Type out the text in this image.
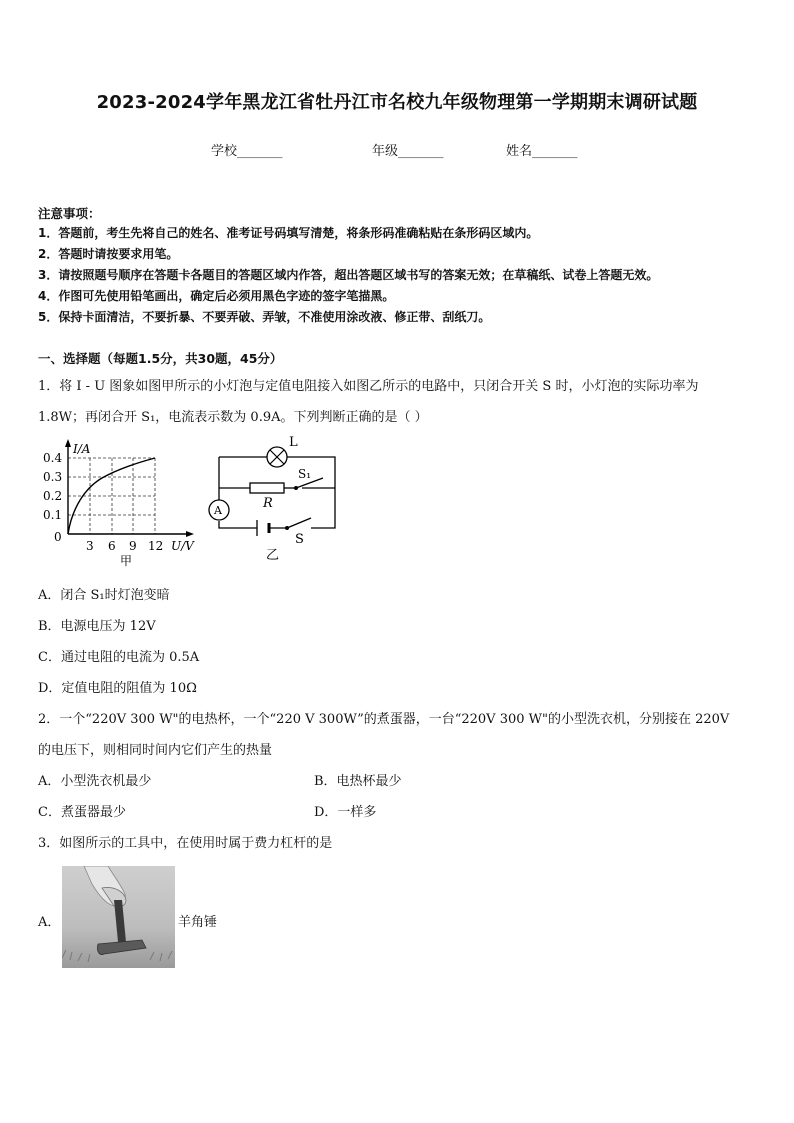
2023-2024学年黑龙江省牡丹江市名校九年级物理第一学期期末调研试题
学校_______	年级_______	姓名_______
注意事项：
1．答题前，考生先将自己的姓名、准考证号码填写清楚，将条形码准确粘贴在条形码区域内。
2．答题时请按要求用笔。
3．请按照题号顺序在答题卡各题目的答题区域内作答，超出答题区域书写的答案无效；在草稿纸、试卷上答题无效。
4．作图可先使用铅笔画出，确定后必须用黑色字迹的签字笔描黑。
5．保持卡面清洁，不要折暴、不要弄破、弄皱，不准使用涂改液、修正带、刮纸刀。
一、选择题（每题1.5分，共30题，45分）
1．将 I - U 图象如图甲所示的小灯泡与定值电阻接入如图乙所示的电路中，只闭合开关 S 时，小灯泡的实际功率为
1.8W；再闭合开 S₁，电流表示数为 0.9A。下列判断正确的是（ ）
I/A
0.4
0.3
0.2
0.1
0
3 6 9 12 U/V
甲
L
S₁
R
A
S
乙
A．闭合 S₁时灯泡变暗
B．电源电压为 12V
C．通过电阻的电流为 0.5A
D．定值电阻的阻值为 10Ω
2．一个“220V 300 W"的电热杯，一个“220 V 300W”的煮蛋器，一台“220V 300 W"的小型洗衣机，分别接在 220V
的电压下，则相同时间内它们产生的热量
A．小型洗衣机最少	B．电热杯最少
C．煮蛋器最少	D．一样多
3．如图所示的工具中，在使用时属于费力杠杆的是
A．	羊角锤
